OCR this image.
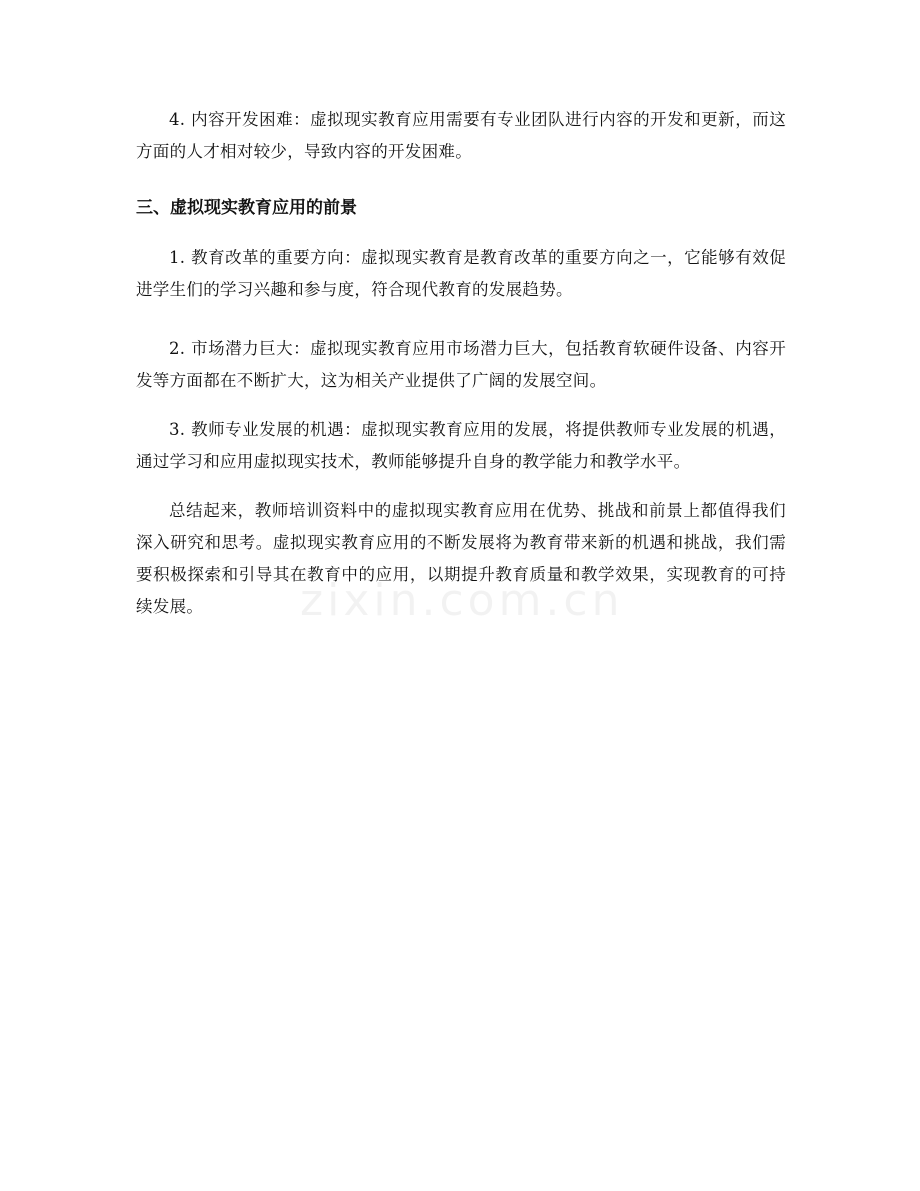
4. 内容开发困难：虚拟现实教育应用需要有专业团队进行内容的开发和更新，而这方面的人才相对较少，导致内容的开发困难。

三、虚拟现实教育应用的前景

1. 教育改革的重要方向：虚拟现实教育是教育改革的重要方向之一，它能够有效促进学生们的学习兴趣和参与度，符合现代教育的发展趋势。

2. 市场潜力巨大：虚拟现实教育应用市场潜力巨大，包括教育软硬件设备、内容开发等方面都在不断扩大，这为相关产业提供了广阔的发展空间。

3. 教师专业发展的机遇：虚拟现实教育应用的发展，将提供教师专业发展的机遇，通过学习和应用虚拟现实技术，教师能够提升自身的教学能力和教学水平。

总结起来，教师培训资料中的虚拟现实教育应用在优势、挑战和前景上都值得我们深入研究和思考。虚拟现实教育应用的不断发展将为教育带来新的机遇和挑战，我们需要积极探索和引导其在教育中的应用，以期提升教育质量和教学效果，实现教育的可持续发展。	zixin.com.cn
